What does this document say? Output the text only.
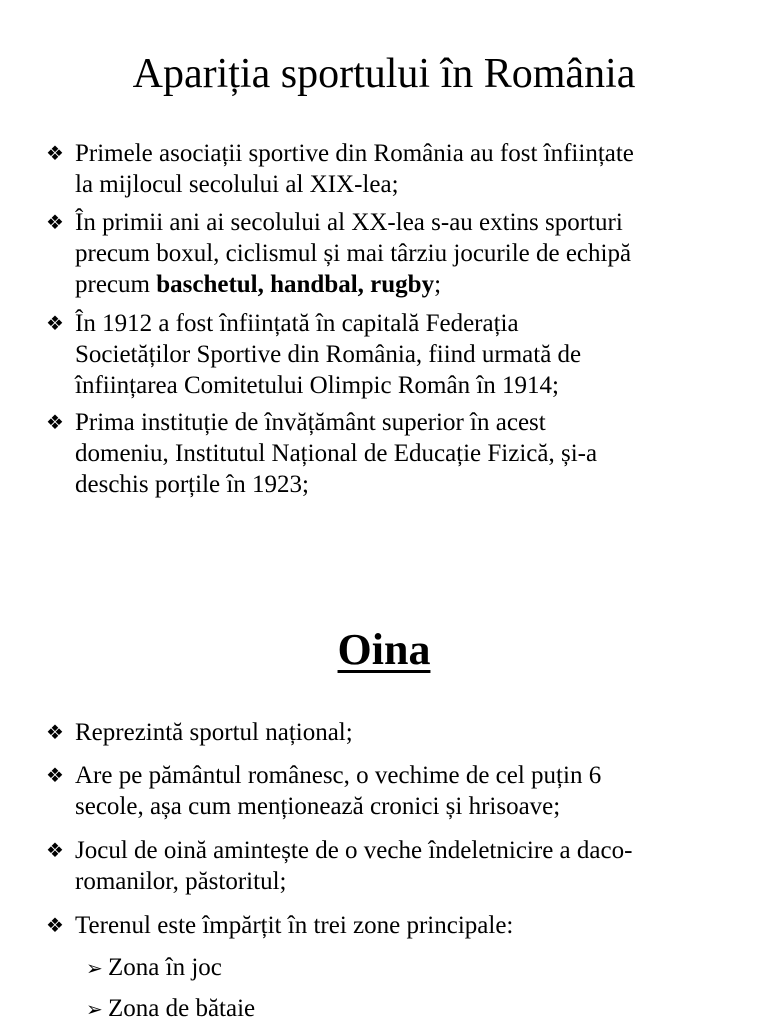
Apariția sportului în România
❖ Primele asociații sportive din România au fost înființate
la mijlocul secolului al XIX-lea;
❖ În primii ani ai secolului al XX-lea s-au extins sporturi
precum boxul, ciclismul și mai târziu jocurile de echipă
precum baschetul, handbal, rugby;
❖ În 1912 a fost înființată în capitală Federația
Societăților Sportive din România, fiind urmată de
înființarea Comitetului Olimpic Român în 1914;
❖ Prima instituție de învățământ superior în acest
domeniu, Institutul Național de Educație Fizică, și-a
deschis porțile în 1923;
Oina
❖ Reprezintă sportul național;
❖ Are pe pământul românesc, o vechime de cel puțin 6
secole, așa cum menționează cronici și hrisoave;
❖ Jocul de oină amintește de o veche îndeletnicire a daco-
romanilor, păstoritul;
❖ Terenul este împărțit în trei zone principale:
➢ Zona în joc
➢ Zona de bătaie
